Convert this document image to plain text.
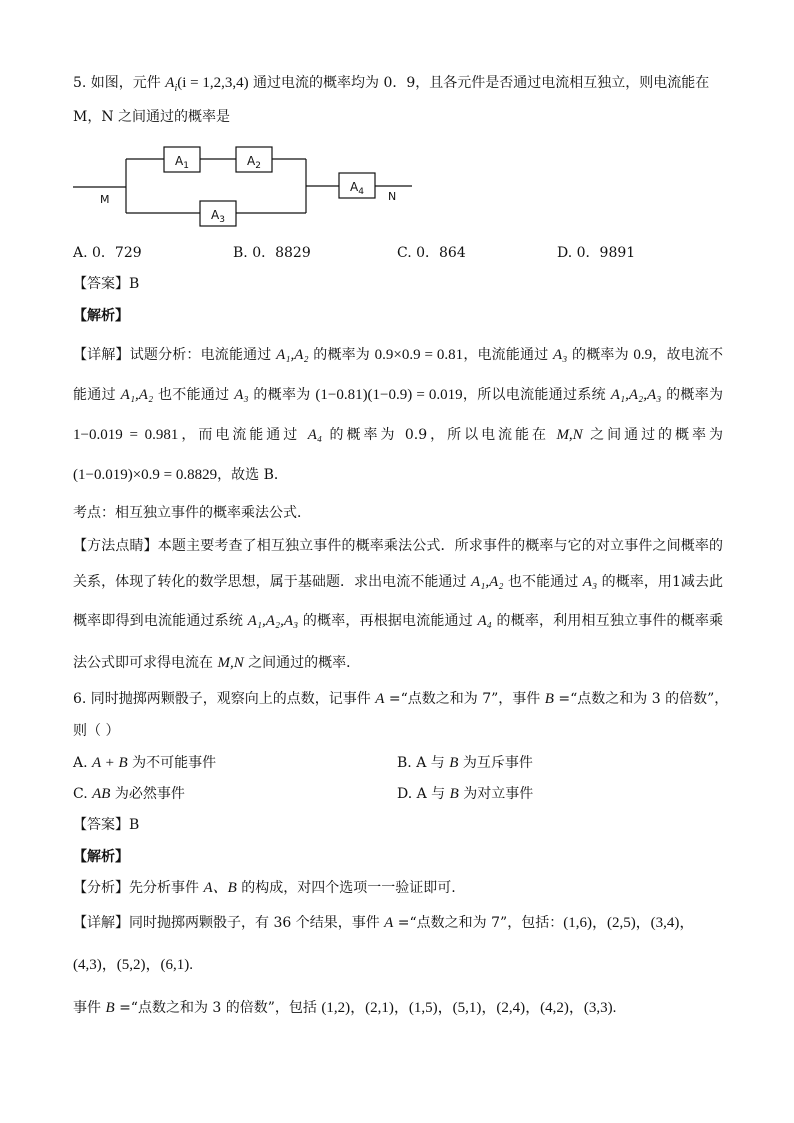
5. 如图，元件 $A_i(i = 1,2,3,4)$ 通过电流的概率均为 0．9，且各元件是否通过电流相互独立，则电流能在
M，N 之间通过的概率是
$A_1$	$A_2$
$A_3$
$A_4$
M	N
A. 0．729	B. 0．8829	C. 0．864	D. 0．9891
【答案】B
【解析】
【详解】试题分析：电流能通过 A₁,A₂ 的概率为 0.9×0.9 = 0.81，电流能通过 A₃ 的概率为 0.9，故电流不
能通过 A₁,A₂ 也不能通过 A₃ 的概率为 (1−0.81)(1−0.9) = 0.019，所以电流能通过系统 A₁,A₂,A₃ 的概率为
1−0.019 = 0.981，而电流能通过 A₄ 的概率为 0.9，所以电流能在 M,N 之间通过的概率为
(1−0.019)×0.9 = 0.8829，故选 B．
考点：相互独立事件的概率乘法公式．
【方法点睛】本题主要考查了相互独立事件的概率乘法公式．所求事件的概率与它的对立事件之间概率的
关系，体现了转化的数学思想，属于基础题．求出电流不能通过 A₁,A₂ 也不能通过 A₃ 的概率，用1减去此
概率即得到电流能通过系统 A₁,A₂,A₃ 的概率，再根据电流能通过 A₄ 的概率，利用相互独立事件的概率乘
法公式即可求得电流在 M,N 之间通过的概率．
6. 同时抛掷两颗骰子，观察向上的点数，记事件 A =“点数之和为 7”，事件 B =“点数之和为 3 的倍数”，
则（ ）
A. A + B 为不可能事件	B. A 与 B 为互斥事件
C. AB 为必然事件	D. A 与 B 为对立事件
【答案】B
【解析】
【分析】先分析事件 A、B 的构成，对四个选项一一验证即可.
【详解】同时抛掷两颗骰子，有 36 个结果，事件 A =“点数之和为 7”，包括：(1,6)，(2,5)，(3,4)，
(4,3)，(5,2)，(6,1).
事件 B =“点数之和为 3 的倍数”，包括 (1,2)，(2,1)，(1,5)，(5,1)，(2,4)，(4,2)，(3,3).
